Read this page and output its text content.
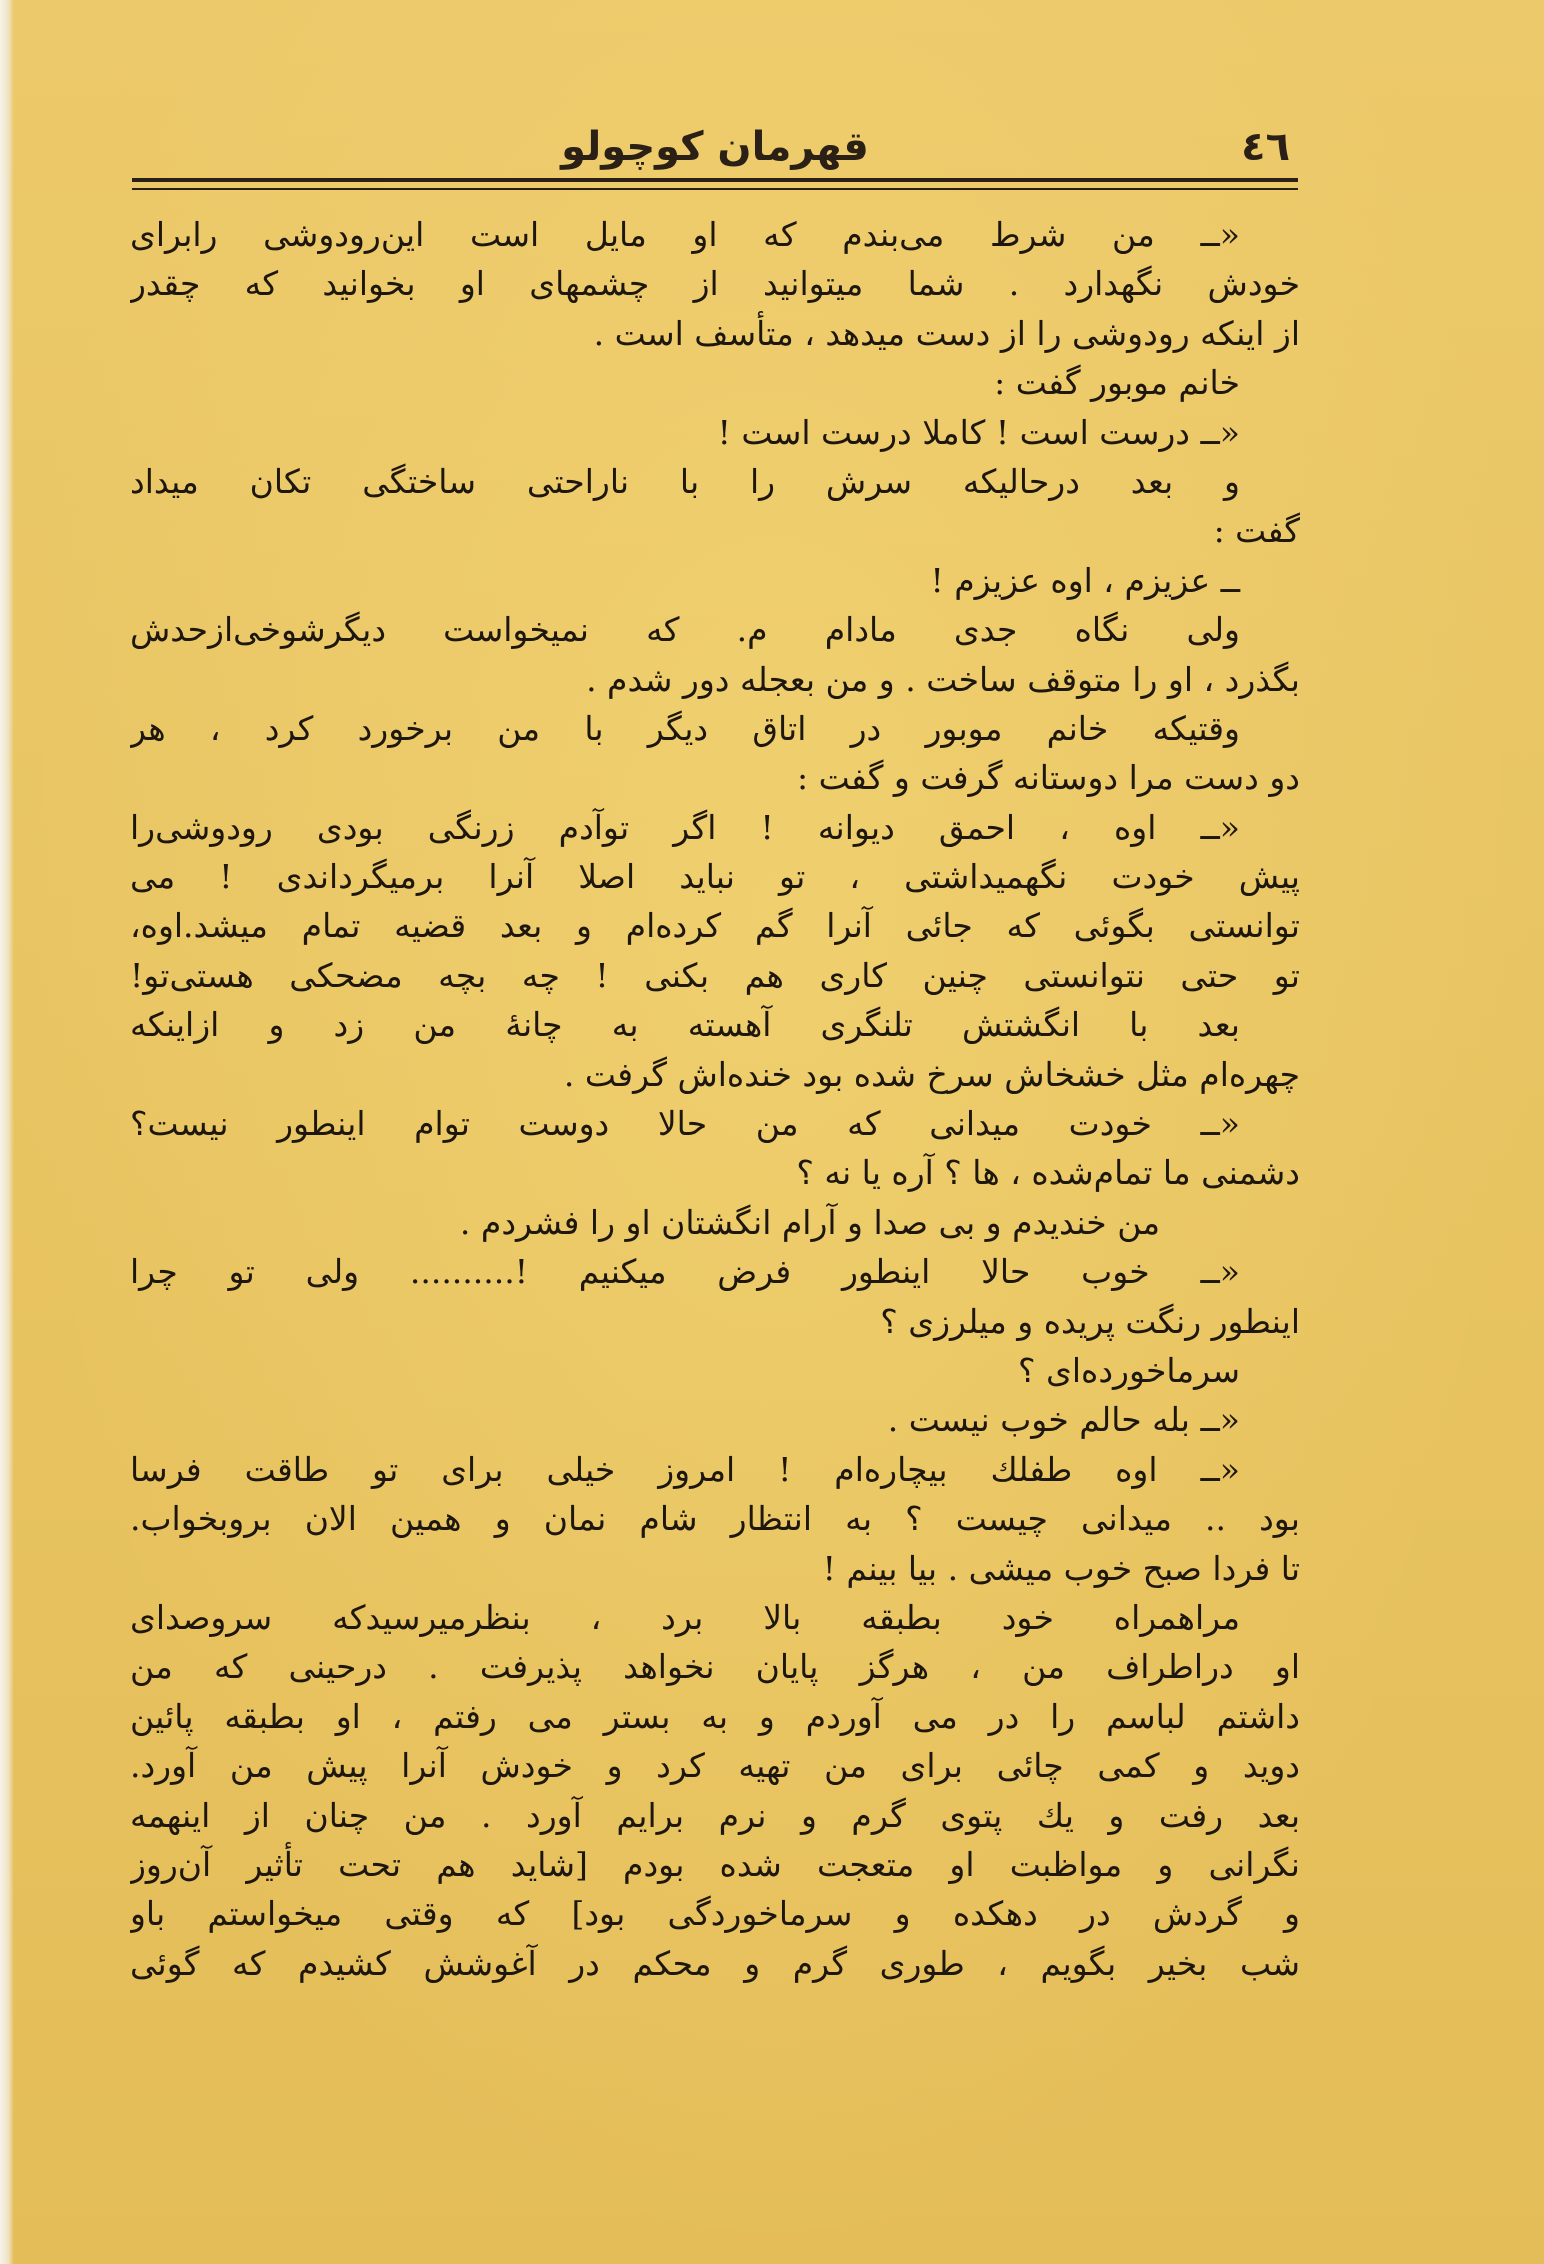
٤٦
قهرمان کوچولو
«ــ من شرط می‌بندم که او مایل است این‌رودوشی رابرای
خودش نگهدارد . شما میتوانید از چشمهای او بخوانید که چقدر
از اینکه رودوشی را از دست میدهد ، متأسف است .
خانم موبور گفت :
«ــ درست است ! کاملا درست است !
و بعد درحالیکه سرش را با ناراحتی ساختگی تکان میداد
گفت :
ــ عزیزم ، اوه عزیزم !
ولی نگاه جدی مادام م. که نمیخواست دیگرشوخی‌ازحدش
بگذرد ، او را متوقف ساخت . و من بعجله دور شدم .
وقتیکه خانم موبور در اتاق دیگر با من برخورد کرد ، هر
دو دست مرا دوستانه گرفت و گفت :
«ــ اوه ، احمق دیوانه ! اگر توآدم زرنگی بودی رودوشی‌را
پیش خودت نگهمیداشتی ، تو نباید اصلا آنرا برمیگرداندی ! می
توانستی بگوئی که جائی آنرا گم کرده‌ام و بعد قضیه تمام میشد.اوه،
تو حتی نتوانستی چنین کاری هم بکنی ! چه بچه مضحکی هستی‌تو!
بعد با انگشتش تلنگری آهسته به چانهٔ من زد و ازاینکه
چهره‌ام مثل خشخاش سرخ شده بود خنده‌اش گرفت .
«ــ خودت میدانی که من حالا دوست توام اینطور نیست؟
دشمنی ما تمام‌شده ، ها ؟ آره یا نه ؟
من خندیدم و بی صدا و آرام انگشتان او را فشردم .
«ــ خوب حالا اینطور فرض میکنیم !.......... ولی تو چرا
اینطور رنگت پریده و میلرزی ؟
سرماخورده‌ای ؟
«ــ بله حالم خوب نیست .
«ــ اوه طفلك بیچاره‌ام ! امروز خیلی برای تو طاقت فرسا
بود .. میدانی چیست ؟ به انتظار شام نمان و همین الان بروبخواب.
تا فردا صبح خوب میشی . بیا بینم !
مراهمراه خود بطبقه بالا برد ، بنظرمیرسیدکه سروصدای
او دراطراف من ، هرگز پایان نخواهد پذیرفت . درحینی که من
داشتم لباسم را در می آوردم و به بستر می رفتم ، او بطبقه پائین
دوید و کمی چائی برای من تهیه کرد و خودش آنرا پیش من آورد.
بعد رفت و یك پتوی گرم و نرم برایم آورد . من چنان از اینهمه
نگرانی و مواظبت او متعجت شده بودم [شاید هم تحت تأثیر آن‌روز
و گردش در دهکده و سرماخوردگی بود] که وقتی میخواستم باو
شب بخیر بگویم ، طوری گرم و محکم در آغوشش کشیدم که گوئی
